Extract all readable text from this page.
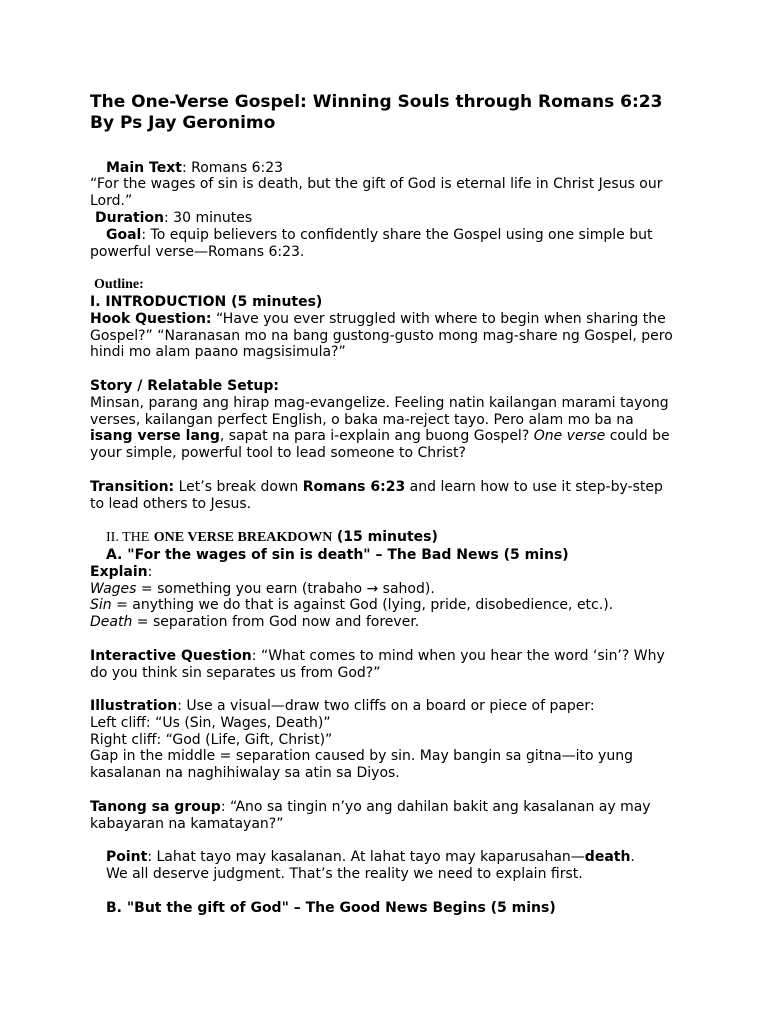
The One-Verse Gospel: Winning Souls through Romans 6:23
By Ps Jay Geronimo
Main Text: Romans 6:23
“For the wages of sin is death, but the gift of God is eternal life in Christ Jesus our Lord.”
Duration: 30 minutes
Goal: To equip believers to confidently share the Gospel using one simple but powerful verse—Romans 6:23.
Outline:
I. INTRODUCTION (5 minutes)
Hook Question: “Have you ever struggled with where to begin when sharing the Gospel?” “Naranasan mo na bang gustong-gusto mong mag-share ng Gospel, pero hindi mo alam paano magsisimula?”
Story / Relatable Setup:
Minsan, parang ang hirap mag-evangelize. Feeling natin kailangan marami tayong verses, kailangan perfect English, o baka ma-reject tayo. Pero alam mo ba na isang verse lang, sapat na para i-explain ang buong Gospel? One verse could be your simple, powerful tool to lead someone to Christ?
Transition: Let’s break down Romans 6:23 and learn how to use it step-by-step to lead others to Jesus.
II. THE ONE VERSE BREAKDOWN (15 minutes)
A. "For the wages of sin is death" – The Bad News (5 mins)
Explain:
Wages = something you earn (trabaho → sahod).
Sin = anything we do that is against God (lying, pride, disobedience, etc.).
Death = separation from God now and forever.
Interactive Question: “What comes to mind when you hear the word ‘sin’? Why do you think sin separates us from God?”
Illustration: Use a visual—draw two cliffs on a board or piece of paper:
Left cliff: “Us (Sin, Wages, Death)”
Right cliff: “God (Life, Gift, Christ)”
Gap in the middle = separation caused by sin. May bangin sa gitna—ito yung kasalanan na naghihiwalay sa atin sa Diyos.
Tanong sa group: “Ano sa tingin n’yo ang dahilan bakit ang kasalanan ay may kabayaran na kamatayan?”
Point: Lahat tayo may kasalanan. At lahat tayo may kaparusahan—death.
We all deserve judgment. That’s the reality we need to explain first.
B. "But the gift of God" – The Good News Begins (5 mins)
